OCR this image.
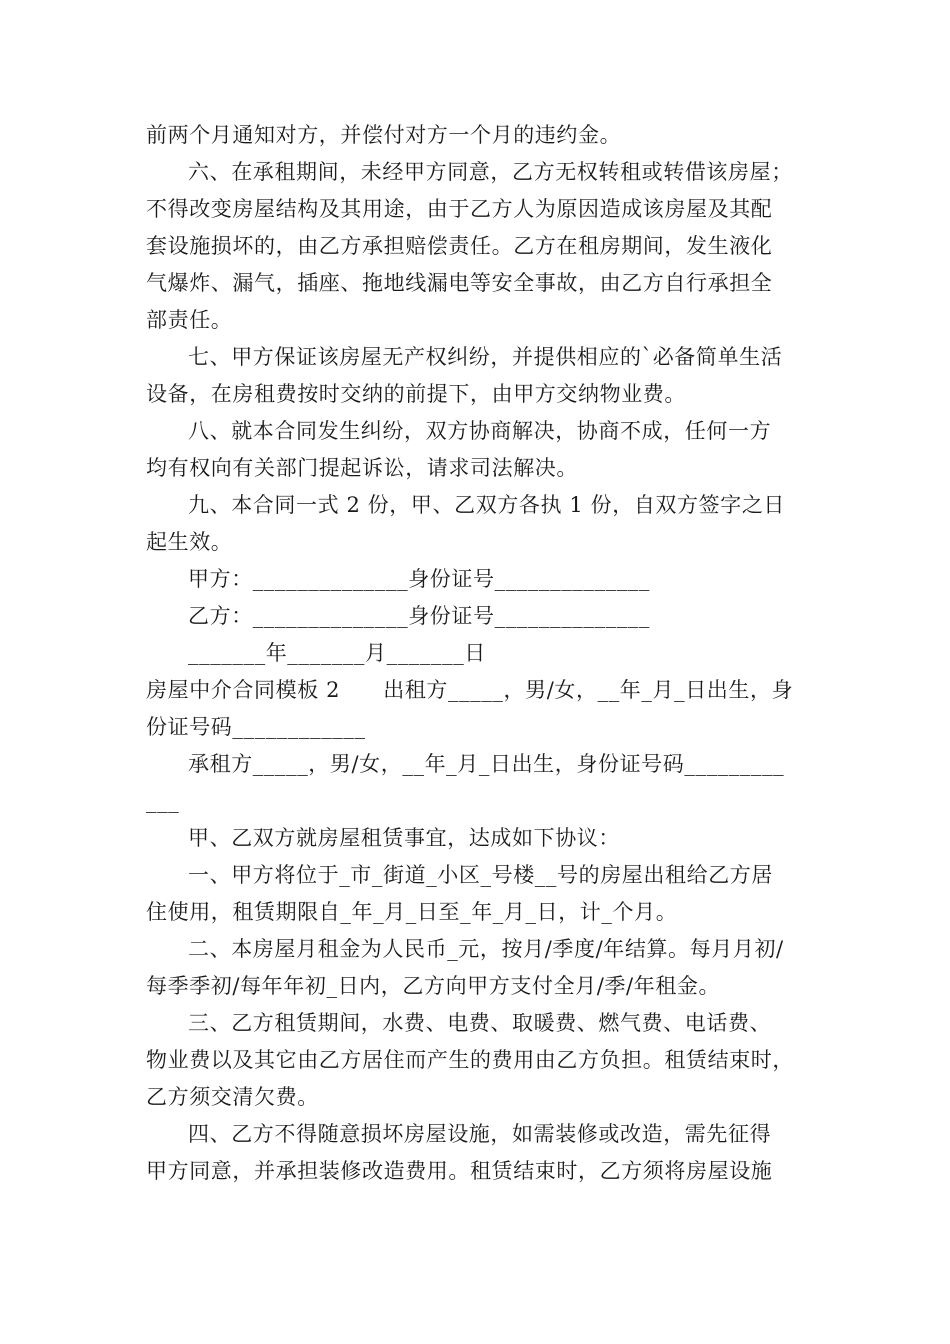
前两个月通知对方，并偿付对方一个月的违约金。
六、在承租期间，未经甲方同意，乙方无权转租或转借该房屋；
不得改变房屋结构及其用途，由于乙方人为原因造成该房屋及其配
套设施损坏的，由乙方承担赔偿责任。乙方在租房期间，发生液化
气爆炸、漏气，插座、拖地线漏电等安全事故，由乙方自行承担全
部责任。
七、甲方保证该房屋无产权纠纷，并提供相应的`必备简单生活
设备，在房租费按时交纳的前提下，由甲方交纳物业费。
八、就本合同发生纠纷，双方协商解决，协商不成，任何一方
均有权向有关部门提起诉讼，请求司法解决。
九、本合同一式 2 份，甲、乙双方各执 1 份，自双方签字之日
起生效。
甲方：______________身份证号______________
乙方：______________身份证号______________
_______年_______月_______日
房屋中介合同模板 2　　出租方_____，男/女，__年_月_日出生，身
份证号码____________
承租方_____，男/女，__年_月_日出生，身份证号码_________
___
甲、乙双方就房屋租赁事宜，达成如下协议：
一、甲方将位于_市_街道_小区_号楼__号的房屋出租给乙方居
住使用，租赁期限自_年_月_日至_年_月_日，计_个月。
二、本房屋月租金为人民币_元，按月/季度/年结算。每月月初/
每季季初/每年年初_日内，乙方向甲方支付全月/季/年租金。
三、乙方租赁期间，水费、电费、取暖费、燃气费、电话费、
物业费以及其它由乙方居住而产生的费用由乙方负担。租赁结束时，
乙方须交清欠费。
四、乙方不得随意损坏房屋设施，如需装修或改造，需先征得
甲方同意，并承担装修改造费用。租赁结束时，乙方须将房屋设施
